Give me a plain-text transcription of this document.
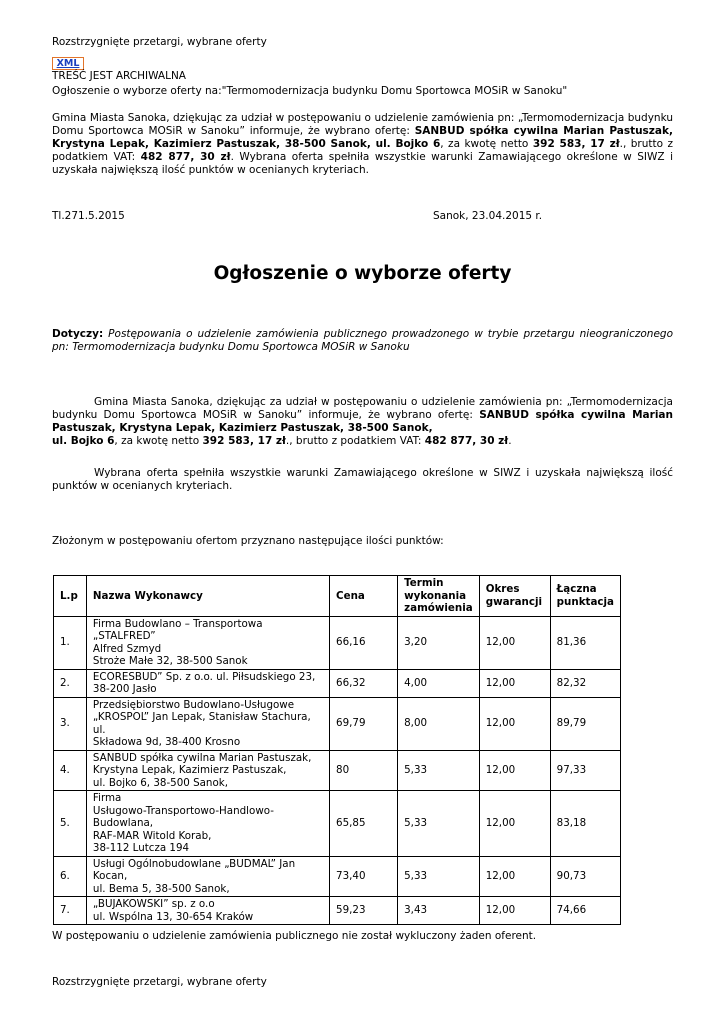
Rozstrzygnięte przetargi, wybrane oferty
XML
TREŚĆ JEST ARCHIWALNA
Ogłoszenie o wyborze oferty na:"Termomodernizacja budynku Domu Sportowca MOSiR w Sanoku"
Gmina Miasta Sanoka, dziękując za udział w postępowaniu o udzielenie zamówienia pn: „Termomodernizacja budynku Domu Sportowca MOSiR w Sanoku” informuje, że wybrano ofertę: SANBUD spółka cywilna Marian Pastuszak, Krystyna Lepak, Kazimierz Pastuszak, 38-500 Sanok, ul. Bojko 6, za kwotę netto 392 583, 17 zł., brutto z podatkiem VAT: 482 877, 30 zł. Wybrana oferta spełniła wszystkie warunki Zamawiającego określone w SIWZ i uzyskała największą ilość punktów w ocenianych kryteriach.
Tl.271.5.2015	Sanok, 23.04.2015 r.
Ogłoszenie o wyborze oferty
Dotyczy: Postępowania o udzielenie zamówienia publicznego prowadzonego w trybie przetargu nieograniczonego pn: Termomodernizacja budynku Domu Sportowca MOSiR w Sanoku
Gmina Miasta Sanoka, dziękując za udział w postępowaniu o udzielenie zamówienia pn: „Termomodernizacja budynku Domu Sportowca MOSiR w Sanoku” informuje, że wybrano ofertę: SANBUD spółka cywilna Marian Pastuszak, Krystyna Lepak, Kazimierz Pastuszak, 38-500 Sanok,
ul. Bojko 6, za kwotę netto 392 583, 17 zł., brutto z podatkiem VAT: 482 877, 30 zł.
Wybrana oferta spełniła wszystkie warunki Zamawiającego określone w SIWZ i uzyskała największą ilość punktów w ocenianych kryteriach.
Złożonym w postępowaniu ofertom przyznano następujące ilości punktów:
L.p	Nazwa Wykonawcy	Cena	Termin wykonania zamówienia	Okres gwarancji	Łączna punktacja
1.	Firma Budowlano – Transportowa „STALFRED”
Alfred Szmyd
Stroże Małe 32, 38-500 Sanok	66,16	3,20	12,00	81,36
2.	ECORESBUD” Sp. z o.o. ul. Piłsudskiego 23,
38-200 Jasło	66,32	4,00	12,00	82,32
3.	Przedsiębiorstwo Budowlano-Usługowe
„KROSPOL” Jan Lepak, Stanisław Stachura, ul.
Składowa 9d, 38-400 Krosno	69,79	8,00	12,00	89,79
4.	SANBUD spółka cywilna Marian Pastuszak,
Krystyna Lepak, Kazimierz Pastuszak,
ul. Bojko 6, 38-500 Sanok,	80	5,33	12,00	97,33
5.	Firma
Usługowo-Transportowo-Handlowo-Budowlana,
RAF-MAR Witold Korab,
38-112 Lutcza 194	65,85	5,33	12,00	83,18
6.	Usługi Ogólnobudowlane „BUDMAL” Jan Kocan,
ul. Bema 5, 38-500 Sanok,	73,40	5,33	12,00	90,73
7.	„BUJAKOWSKI” sp. z o.o
ul. Wspólna 13, 30-654 Kraków	59,23	3,43	12,00	74,66
W postępowaniu o udzielenie zamówienia publicznego nie został wykluczony żaden oferent.
Rozstrzygnięte przetargi, wybrane oferty
